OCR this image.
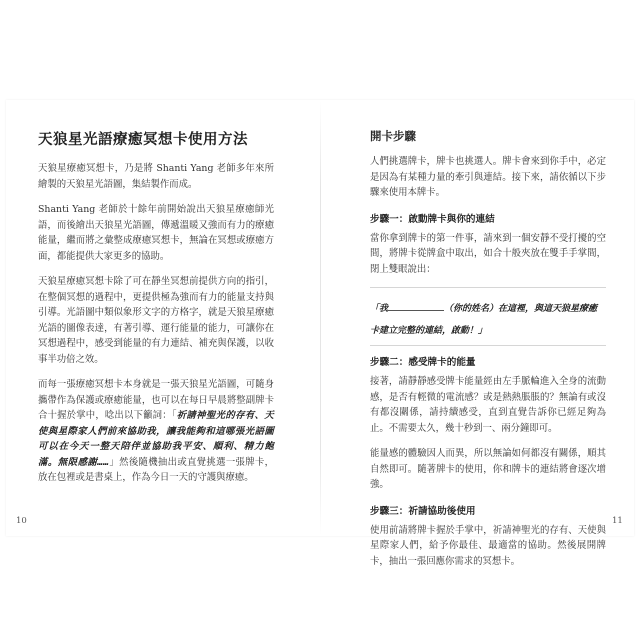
天狼星光語療癒冥想卡使用方法

天狼星療癒冥想卡，乃是將 Shanti Yang 老師多年來所繪製的天狼星光語圖，集結製作而成。

Shanti Yang 老師於十餘年前開始說出天狼星療癒師光語，而後繪出天狼星光語圖，傳遞溫暖又強而有力的療癒能量，繼而將之彙整成療癒冥想卡，無論在冥想或療癒方面，都能提供大家更多的協助。

天狼星療癒冥想卡除了可在靜坐冥想前提供方向的指引，在整個冥想的過程中，更提供極為強而有力的能量支持與引導。光語圖中類似象形文字的方格字，就是天狼星療癒光語的圖像表達，有著引導、運行能量的能力，可讓你在冥想過程中，感受到能量的有力連結、補充與保護，以收事半功倍之效。

而每一張療癒冥想卡本身就是一張天狼星光語圖，可隨身攜帶作為保護或療癒能量，也可以在每日早晨將整副牌卡合十握於掌中，唸出以下籲詞：「祈請神聖光的存有、天使與星際家人們前來協助我，讓我能夠和這哪張光語圖可以在今天一整天陪伴並協助我平安、順利、精力飽滿。無限感謝……」然後隨機抽出或直覺挑選一張牌卡，放在包裡或是書桌上，作為今日一天的守護與療癒。

開卡步驟

人們挑選牌卡，牌卡也挑選人。牌卡會來到你手中，必定是因為有某種力量的牽引與連結。接下來，請依循以下步驟來使用本牌卡。

步驟一：啟動牌卡與你的連結

當你拿到牌卡的第一件事，請來到一個安靜不受打擾的空間，將牌卡從牌盒中取出，如合十般夾放在雙手手掌間，閉上雙眼說出：

「我	（你的姓名）在這裡，與這天狼星療癒卡建立完整的連結，啟動！」
步驟二：感受牌卡的能量

接著，請靜靜感受牌卡能量經由左手脈輪進入全身的流動感，是否有輕微的電流感？或是熱熱脹脹的？無論有或沒有都沒關係，請持續感受，直到直覺告訴你已經足夠為止。不需要太久，幾十秒到一、兩分鐘即可。

能量感的體驗因人而異，所以無論如何都沒有關係，順其自然即可。隨著牌卡的使用，你和牌卡的連結將會逐次增強。

步驟三：祈請協助後使用

使用前請將牌卡握於手掌中，祈請神聖光的存有、天使與星際家人們，給予你最佳、最適當的協助。然後展開牌卡，抽出一張回應你需求的冥想卡。

10	11
